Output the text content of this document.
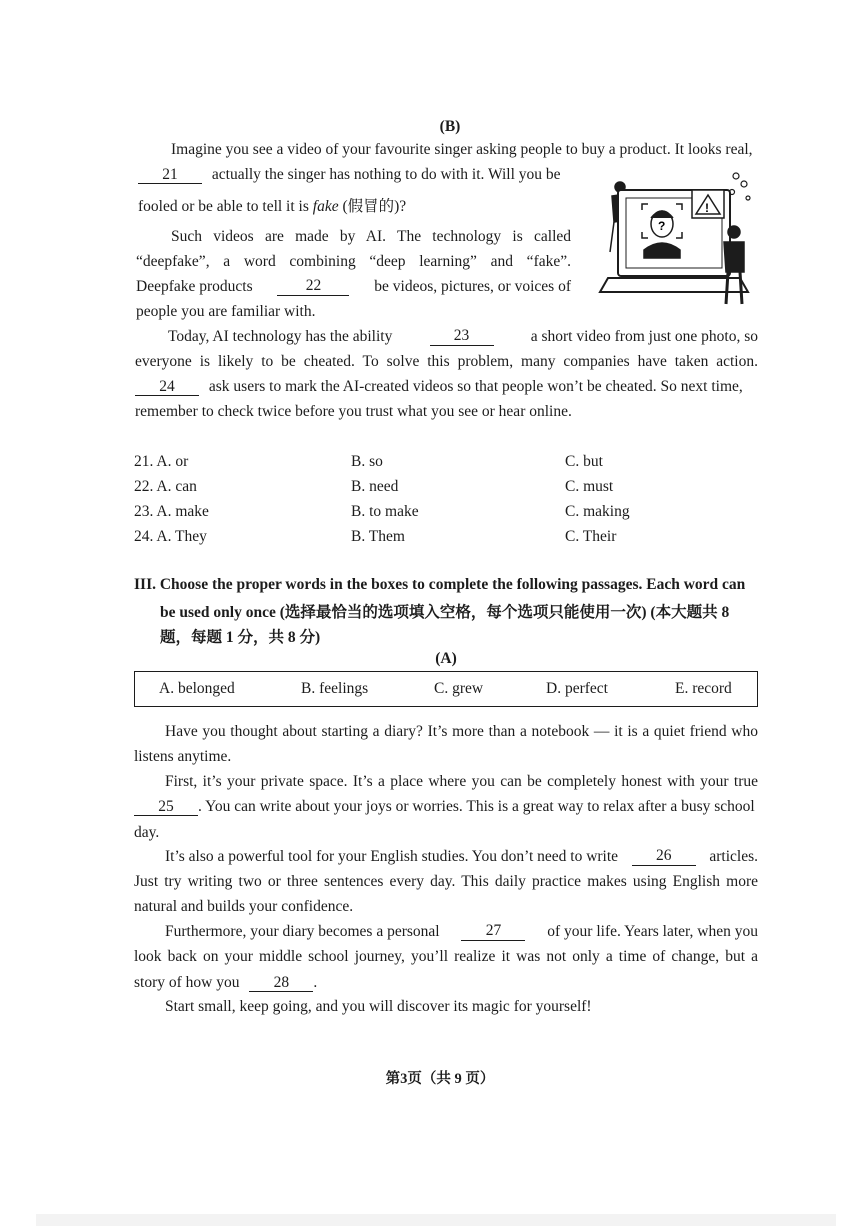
(B)
Imagine you see a video of your favourite singer asking people to buy a product. It looks real,
21 actually the singer has nothing to do with it. Will you be
fooled or be able to tell it is fake (假冒的)?
Such videos are made by AI. The technology is called
“deepfake”, a word combining “deep learning” and “fake”.
Deepfake products	22	be videos, pictures, or voices of
people you are familiar with.
?
!
Today, AI technology has the ability	23	a short video from just one photo, so
everyone is likely to be cheated. To solve this problem, many companies have taken action.
24 ask users to mark the AI-created videos so that people won’t be cheated. So next time,
remember to check twice before you trust what you see or hear online.
21. A. or	B. so	C. but
22. A. can	B. need	C. must
23. A. make	B. to make	C. making
24. A. They	B. Them	C. Their
III. Choose the proper words in the boxes to complete the following passages. Each word can
be used only once (选择最恰当的选项填入空格，每个选项只能使用一次) (本大题共 8
题，每题 1 分，共 8 分)
(A)
A. belonged	B. feelings	C. grew	D. perfect	E. record
Have you thought about starting a diary? It’s more than a notebook — it is a quiet friend who
listens anytime.
First, it’s your private space. It’s a place where you can be completely honest with your true
25 . You can write about your joys or worries. This is a great way to relax after a busy school
day.
It’s also a powerful tool for your English studies. You don’t need to write	26	articles.
Just try writing two or three sentences every day. This daily practice makes using English more
natural and builds your confidence.
Furthermore, your diary becomes a personal	27	of your life. Years later, when you
look back on your middle school journey, you’ll realize it was not only a time of change, but a
story of how you 28 .
Start small, keep going, and you will discover its magic for yourself!
第3页（共 9 页）
